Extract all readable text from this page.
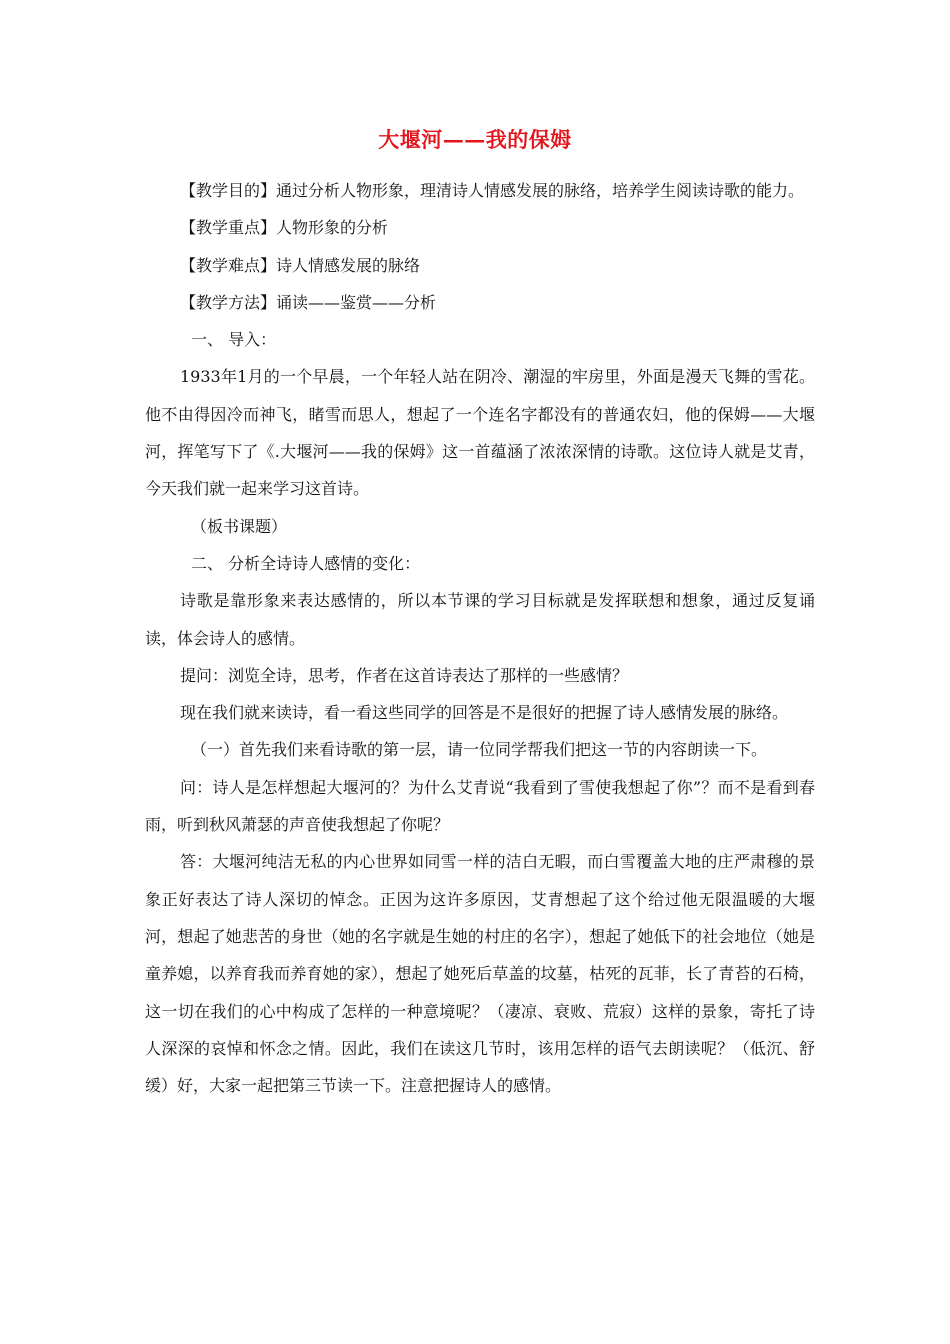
大堰河——我的保姆

【教学目的】通过分析人物形象，理清诗人情感发展的脉络，培养学生阅读诗歌的能力。

【教学重点】人物形象的分析

【教学难点】诗人情感发展的脉络

【教学方法】诵读——鉴赏——分析

一、 导入：

1933年1月的一个早晨，一个年轻人站在阴冷、潮湿的牢房里，外面是漫天飞舞的雪花。他不由得因冷而神飞，睹雪而思人，想起了一个连名字都没有的普通农妇，他的保姆——大堰河，挥笔写下了《.大堰河——我的保姆》这一首蕴涵了浓浓深情的诗歌。这位诗人就是艾青，今天我们就一起来学习这首诗。

（板书课题）

二、 分析全诗诗人感情的变化：

诗歌是靠形象来表达感情的，所以本节课的学习目标就是发挥联想和想象，通过反复诵读，体会诗人的感情。

提问：浏览全诗，思考，作者在这首诗表达了那样的一些感情？

现在我们就来读诗，看一看这些同学的回答是不是很好的把握了诗人感情发展的脉络。

（一）首先我们来看诗歌的第一层，请一位同学帮我们把这一节的内容朗读一下。

问：诗人是怎样想起大堰河的？为什么艾青说“我看到了雪使我想起了你”？而不是看到春雨，听到秋风萧瑟的声音使我想起了你呢？

答：大堰河纯洁无私的内心世界如同雪一样的洁白无暇，而白雪覆盖大地的庄严肃穆的景象正好表达了诗人深切的悼念。正因为这许多原因，艾青想起了这个给过他无限温暖的大堰河，想起了她悲苦的身世（她的名字就是生她的村庄的名字），想起了她低下的社会地位（她是童养媳，以养育我而养育她的家），想起了她死后草盖的坟墓，枯死的瓦菲，长了青苔的石椅，这一切在我们的心中构成了怎样的一种意境呢？（凄凉、衰败、荒寂）这样的景象，寄托了诗人深深的哀悼和怀念之情。因此，我们在读这几节时，该用怎样的语气去朗读呢？（低沉、舒缓）好，大家一起把第三节读一下。注意把握诗人的感情。
